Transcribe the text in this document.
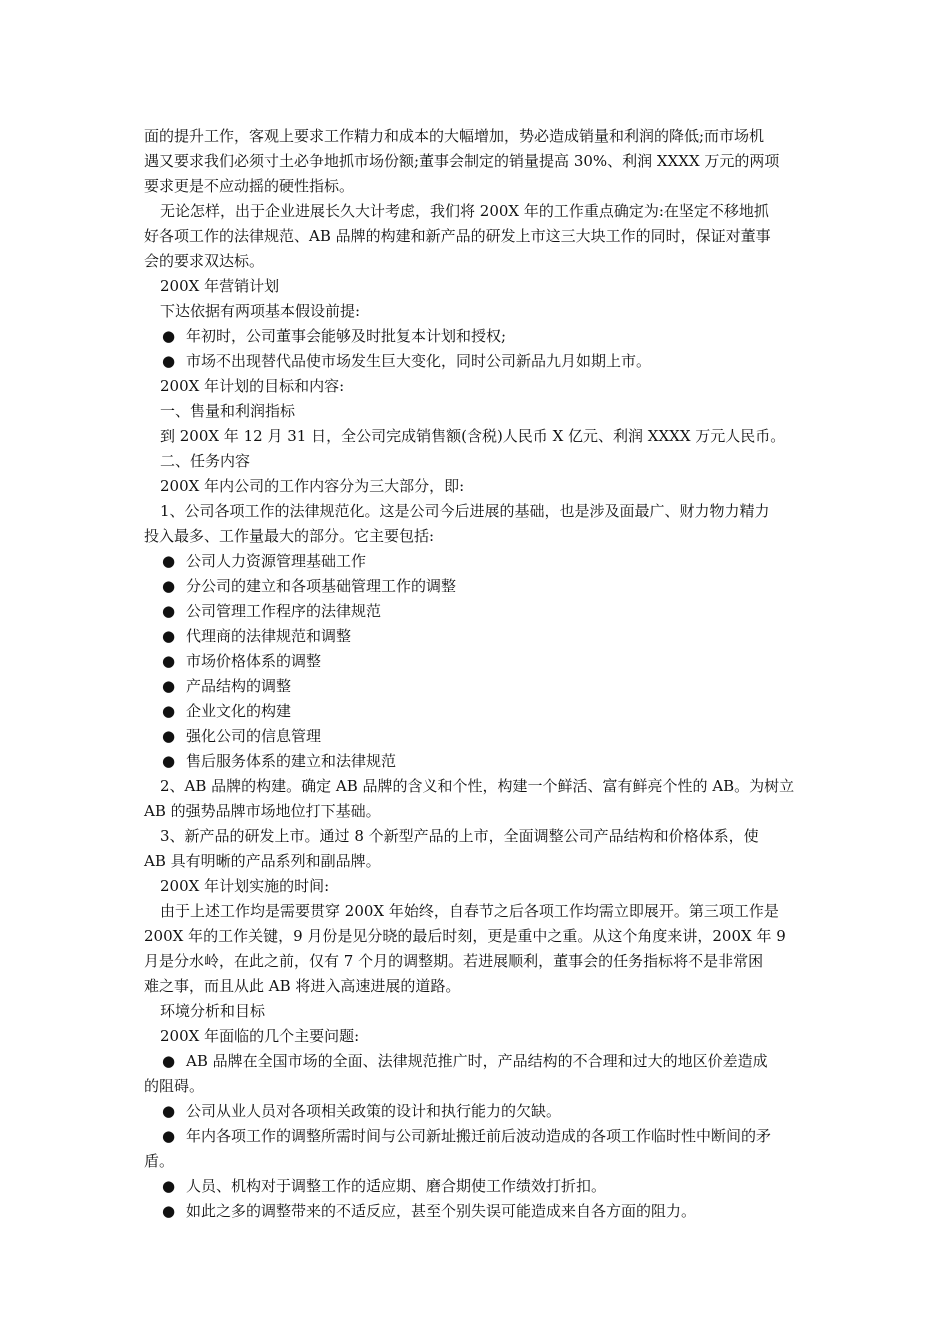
面的提升工作，客观上要求工作精力和成本的大幅增加，势必造成销量和利润的降低;而市场机
遇又要求我们必须寸土必争地抓市场份额;董事会制定的销量提高 30%、利润 XXXX 万元的两项
要求更是不应动摇的硬性指标。
无论怎样，出于企业进展长久大计考虑，我们将 200X 年的工作重点确定为:在坚定不移地抓
好各项工作的法律规范、AB 品牌的构建和新产品的研发上市这三大块工作的同时，保证对董事
会的要求双达标。
200X 年营销计划
下达依据有两项基本假设前提:
● 年初时，公司董事会能够及时批复本计划和授权;
● 市场不出现替代品使市场发生巨大变化，同时公司新品九月如期上市。
200X 年计划的目标和内容:
一、售量和利润指标
到 200X 年 12 月 31 日，全公司完成销售额(含税)人民币 X 亿元、利润 XXXX 万元人民币。
二、任务内容
200X 年内公司的工作内容分为三大部分，即:
1、公司各项工作的法律规范化。这是公司今后进展的基础，也是涉及面最广、财力物力精力
投入最多、工作量最大的部分。它主要包括:
● 公司人力资源管理基础工作
● 分公司的建立和各项基础管理工作的调整
● 公司管理工作程序的法律规范
● 代理商的法律规范和调整
● 市场价格体系的调整
● 产品结构的调整
● 企业文化的构建
● 强化公司的信息管理
● 售后服务体系的建立和法律规范
2、AB 品牌的构建。确定 AB 品牌的含义和个性，构建一个鲜活、富有鲜亮个性的 AB。为树立
AB 的强势品牌市场地位打下基础。
3、新产品的研发上市。通过 8 个新型产品的上市，全面调整公司产品结构和价格体系，使
AB 具有明晰的产品系列和副品牌。
200X 年计划实施的时间:
由于上述工作均是需要贯穿 200X 年始终，自春节之后各项工作均需立即展开。第三项工作是
200X 年的工作关键，9 月份是见分晓的最后时刻，更是重中之重。从这个角度来讲，200X 年 9
月是分水岭，在此之前，仅有 7 个月的调整期。若进展顺利，董事会的任务指标将不是非常困
难之事，而且从此 AB 将进入高速进展的道路。
环境分析和目标
200X 年面临的几个主要问题:
● AB 品牌在全国市场的全面、法律规范推广时，产品结构的不合理和过大的地区价差造成
的阻碍。
● 公司从业人员对各项相关政策的设计和执行能力的欠缺。
● 年内各项工作的调整所需时间与公司新址搬迁前后波动造成的各项工作临时性中断间的矛
盾。
● 人员、机构对于调整工作的适应期、磨合期使工作绩效打折扣。
● 如此之多的调整带来的不适反应，甚至个别失误可能造成来自各方面的阻力。
